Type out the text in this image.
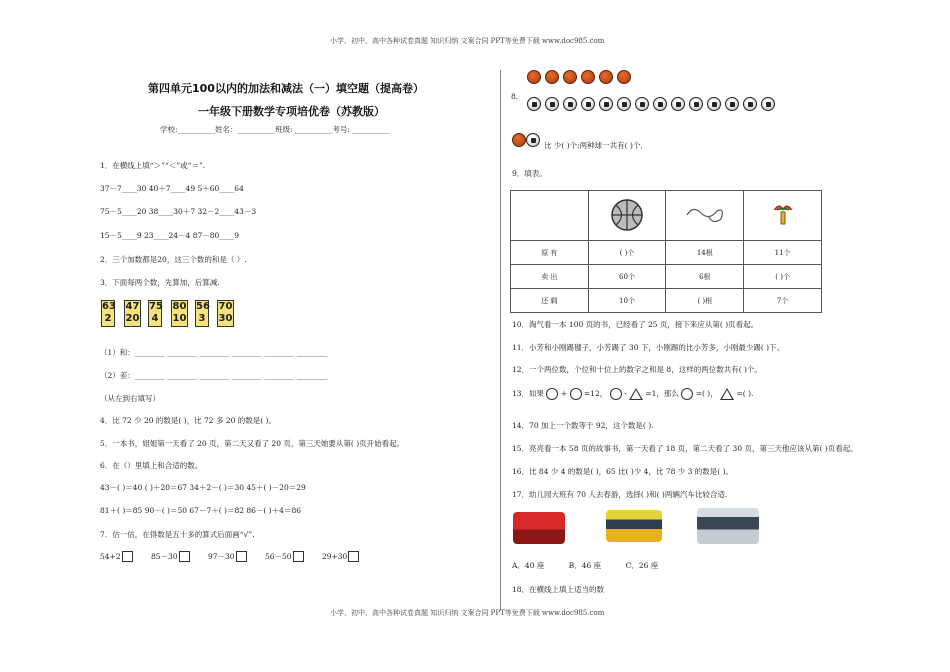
小学、初中、高中各种试卷真题 知识归纳 文案合同 PPT等免费下载 www.doc985.com
第四单元100以内的加法和减法（一）填空题（提高卷）
一年级下册数学专项培优卷（苏教版）
学校:__________姓名：__________班级: __________考号: __________
1．在横线上填“＞”“＜”或“＝”.
37－7____30 40＋7____49 5＋60____64
75－5____20 38____30＋7 32－2____43－3
15－5____9 23____24－4 87－80____9
2．三个加数都是20，这三个数的和是（ ）.
3．下面每两个数，先算加，后算减.
63
2
47
20
75
4
80
10
56
3
70
30
（1）和：________ ________ ________ ________ ________ ________
（2）差：________ ________ ________ ________ ________ ________
（从左到右填写）
4．比 72 少 20 的数是( )，比 72 多 20 的数是( )。
5．一本书，姐姐第一天看了 20 页，第二天又看了 20 页，第三天她要从第( )页开始看起。
6．在（）里填上和合适的数。
43－( )＝40 ( )＋20＝67 34＋2－( )＝30 45＋( )－20＝29
81＋( )＝85 90－( )＝50 67－7＋( )＝82 86－( )＋4＝86
7．估一估，在得数是五十多的算式后面画“√”.
54+2	85－30	97－30	56－50	29+30
8.
比 少( )个;两种球一共有( )个.
9．填表。

原 有	( )个	14根	11个
卖 出	60个	6根	( )个
还 剩	10个	( )根	7个
10．淘气看一本 100 页的书，已经看了 25 页，接下来应从第( )页看起。
11．小芳和小刚踢毽子，小芳踢了 30 下，小刚踢的比小芳多，小刚最少踢( )下。
12．一个两位数，个位和十位上的数字之和是 8，这样的两位数共有( )个。
13．如果 + =12， -	=1，那么 =( )，	=( ).
14．70 加上一个数等于 92，这个数是( ).
15．亮亮看一本 58 页的故事书，第一天看了 18 页，第二天看了 30 页，第三天他应该从第( )页看起。
16．比 84 少 4 的数是( )，65 比( )少 4，比 78 少 3 的数是( )。
17．幼儿园大班有 70 人去春游，选择( )和( )两辆汽车比较合适.
A．40 座	B．46 座	C．26 座
18．在横线上填上适当的数
小学、初中、高中各种试卷真题 知识归纳 文案合同 PPT等免费下载 www.doc985.com
